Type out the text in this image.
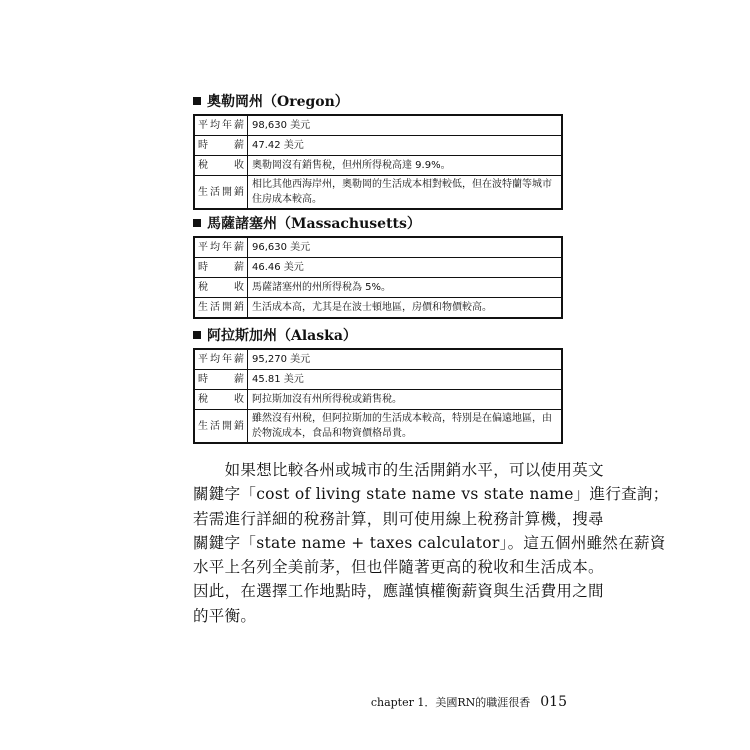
奧勒岡州（Oregon）
平均年薪	98,630 美元
時 薪	47.42 美元
稅 收	奧勒岡沒有銷售稅，但州所得稅高達 9.9%。
生活開銷	相比其他西海岸州，奧勒岡的生活成本相對較低，但在波特蘭等城市住房成本較高。
馬薩諸塞州（Massachusetts）
平均年薪	96,630 美元
時 薪	46.46 美元
稅 收	馬薩諸塞州的州所得稅為 5%。
生活開銷	生活成本高，尤其是在波士頓地區，房價和物價較高。
阿拉斯加州（Alaska）
平均年薪	95,270 美元
時 薪	45.81 美元
稅 收	阿拉斯加沒有州所得稅或銷售稅。
生活開銷	雖然沒有州稅，但阿拉斯加的生活成本較高，特別是在偏遠地區，由於物流成本，食品和物資價格昂貴。
　　如果想比較各州或城市的生活開銷水平，可以使用英文
關鍵字「cost of living state name vs state name」進行查詢；
若需進行詳細的稅務計算，則可使用線上稅務計算機，搜尋
關鍵字「state name + taxes calculator」。這五個州雖然在薪資
水平上名列全美前茅，但也伴隨著更高的稅收和生活成本。
因此，在選擇工作地點時，應謹慎權衡薪資與生活費用之間
的平衡。
chapter 1．美國RN的職涯很香 015
